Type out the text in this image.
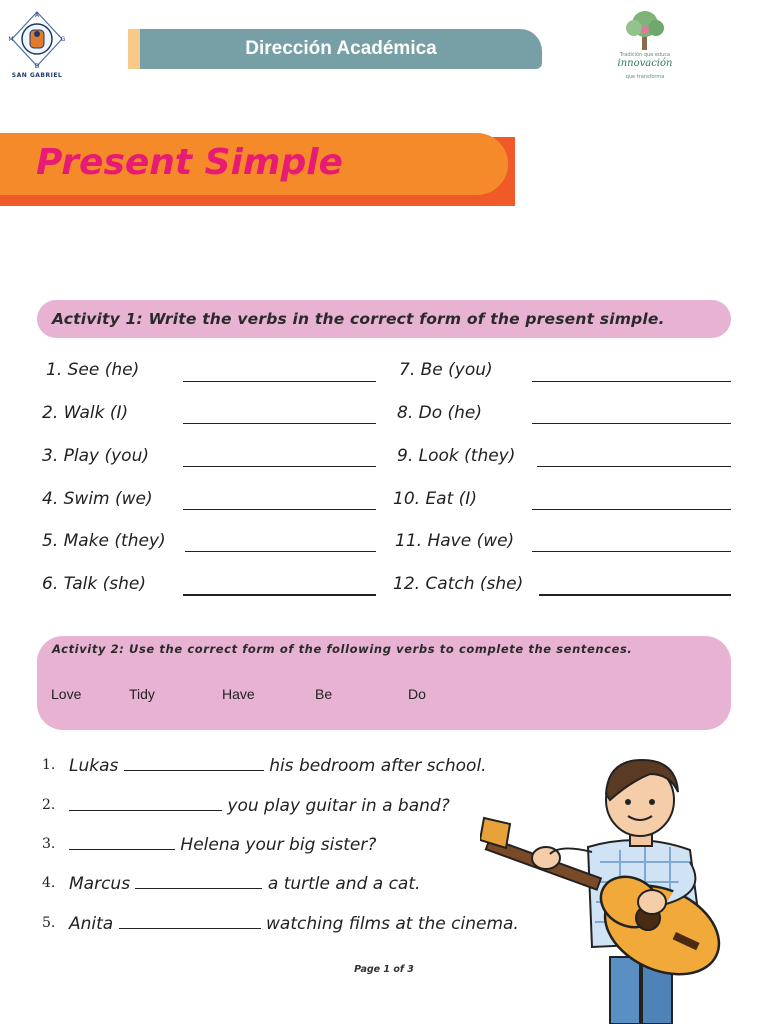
A
M	G
D
SAN GABRIEL
Dirección Académica	Tradición que educa
innovación
que transforma
Present Simple
Activity 1: Write the verbs in the correct form of the present simple.
1. See (he)
2. Walk (I)
3. Play (you)
4. Swim (we)
5. Make (they)
6. Talk (she)
7. Be (you)
8. Do (he)
9. Look (they)
10. Eat (I)
11. Have (we)
12. Catch (she)
Activity 2: Use the correct form of the following verbs to complete the sentences.
Love	Tidy	Have	Be	Do
1. Lukas	his bedroom after school.
2.	you play guitar in a band?
3.	Helena your big sister?
4. Marcus	a turtle and a cat.
5. Anita	watching films at the cinema.
Page 1 of 3
